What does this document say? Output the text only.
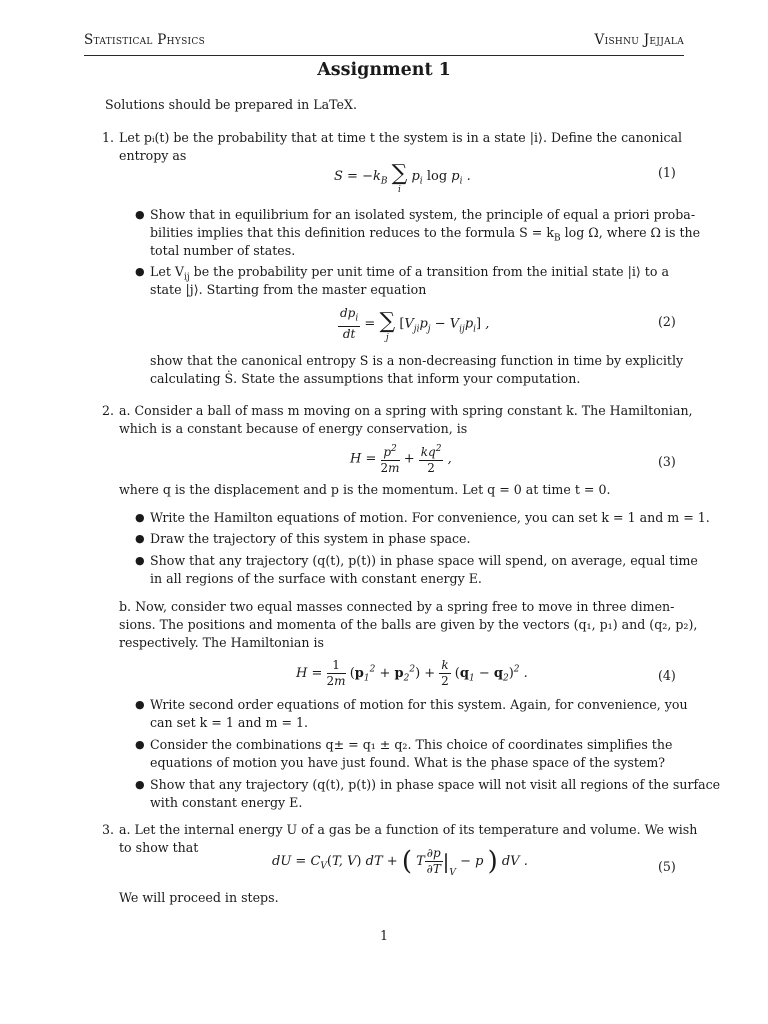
Statistical Physics	Vishnu Jejjala
Assignment 1
Solutions should be prepared in LaTeX.
1. Let pᵢ(t) be the probability that at time t the system is in a state |i⟩. Define the canonical
entropy as
$S = -k_B$ ∑
i
$p_i$ $\log p_i$ .	(1)
● Show that in equilibrium for an isolated system, the principle of equal a priori proba-
bilities implies that this definition reduces to the formula $S = k_B$ log Ω, where Ω is the
total number of states.
● Let $V_{ij}$ be the probability per unit time of a transition from the initial state |i⟩ to a
state |j⟩. Starting from the master equation
$\frac{dp_i}{dt}$ = ∑
j
$[V_{ji}p_j - V_{ij}p_i]$ ,	(2)
show that the canonical entropy S is a non-decreasing function in time by explicitly
calculating Ṡ. State the assumptions that inform your computation.
2. a. Consider a ball of mass m moving on a spring with spring constant k. The Hamiltonian,
which is a constant because of energy conservation, is
$H = \frac{p^2}{2m} + \frac{kq^2}{2}$ ,	(3)
where q is the displacement and p is the momentum. Let q = 0 at time t = 0.
● Write the Hamilton equations of motion. For convenience, you can set k = 1 and m = 1.
● Draw the trajectory of this system in phase space.
● Show that any trajectory (q(t), p(t)) in phase space will spend, on average, equal time
in all regions of the surface with constant energy E.
b. Now, consider two equal masses connected by a spring free to move in three dimen-
sions. The positions and momenta of the balls are given by the vectors (q₁, p₁) and (q₂, p₂),
respectively. The Hamiltonian is
$H = \frac{1}{2m} (p_1^2 + p_2^2) + \frac{k}{2} (q_1 - q_2)^2$ .	(4)
● Write second order equations of motion for this system. Again, for convenience, you
can set k = 1 and m = 1.
● Consider the combinations q± = q₁ ± q₂. This choice of coordinates simplifies the
equations of motion you have just found. What is the phase space of the system?
● Show that any trajectory (q(t), p(t)) in phase space will not visit all regions of the surface
with constant energy E.
3. a. Let the internal energy U of a gas be a function of its temperature and volume. We wish
to show that
dU = $C_V(T$, V) dT + ( T $\frac{\partial p}{\partial T} |_V - p$ ) dV .	(5)
We will proceed in steps.
1
